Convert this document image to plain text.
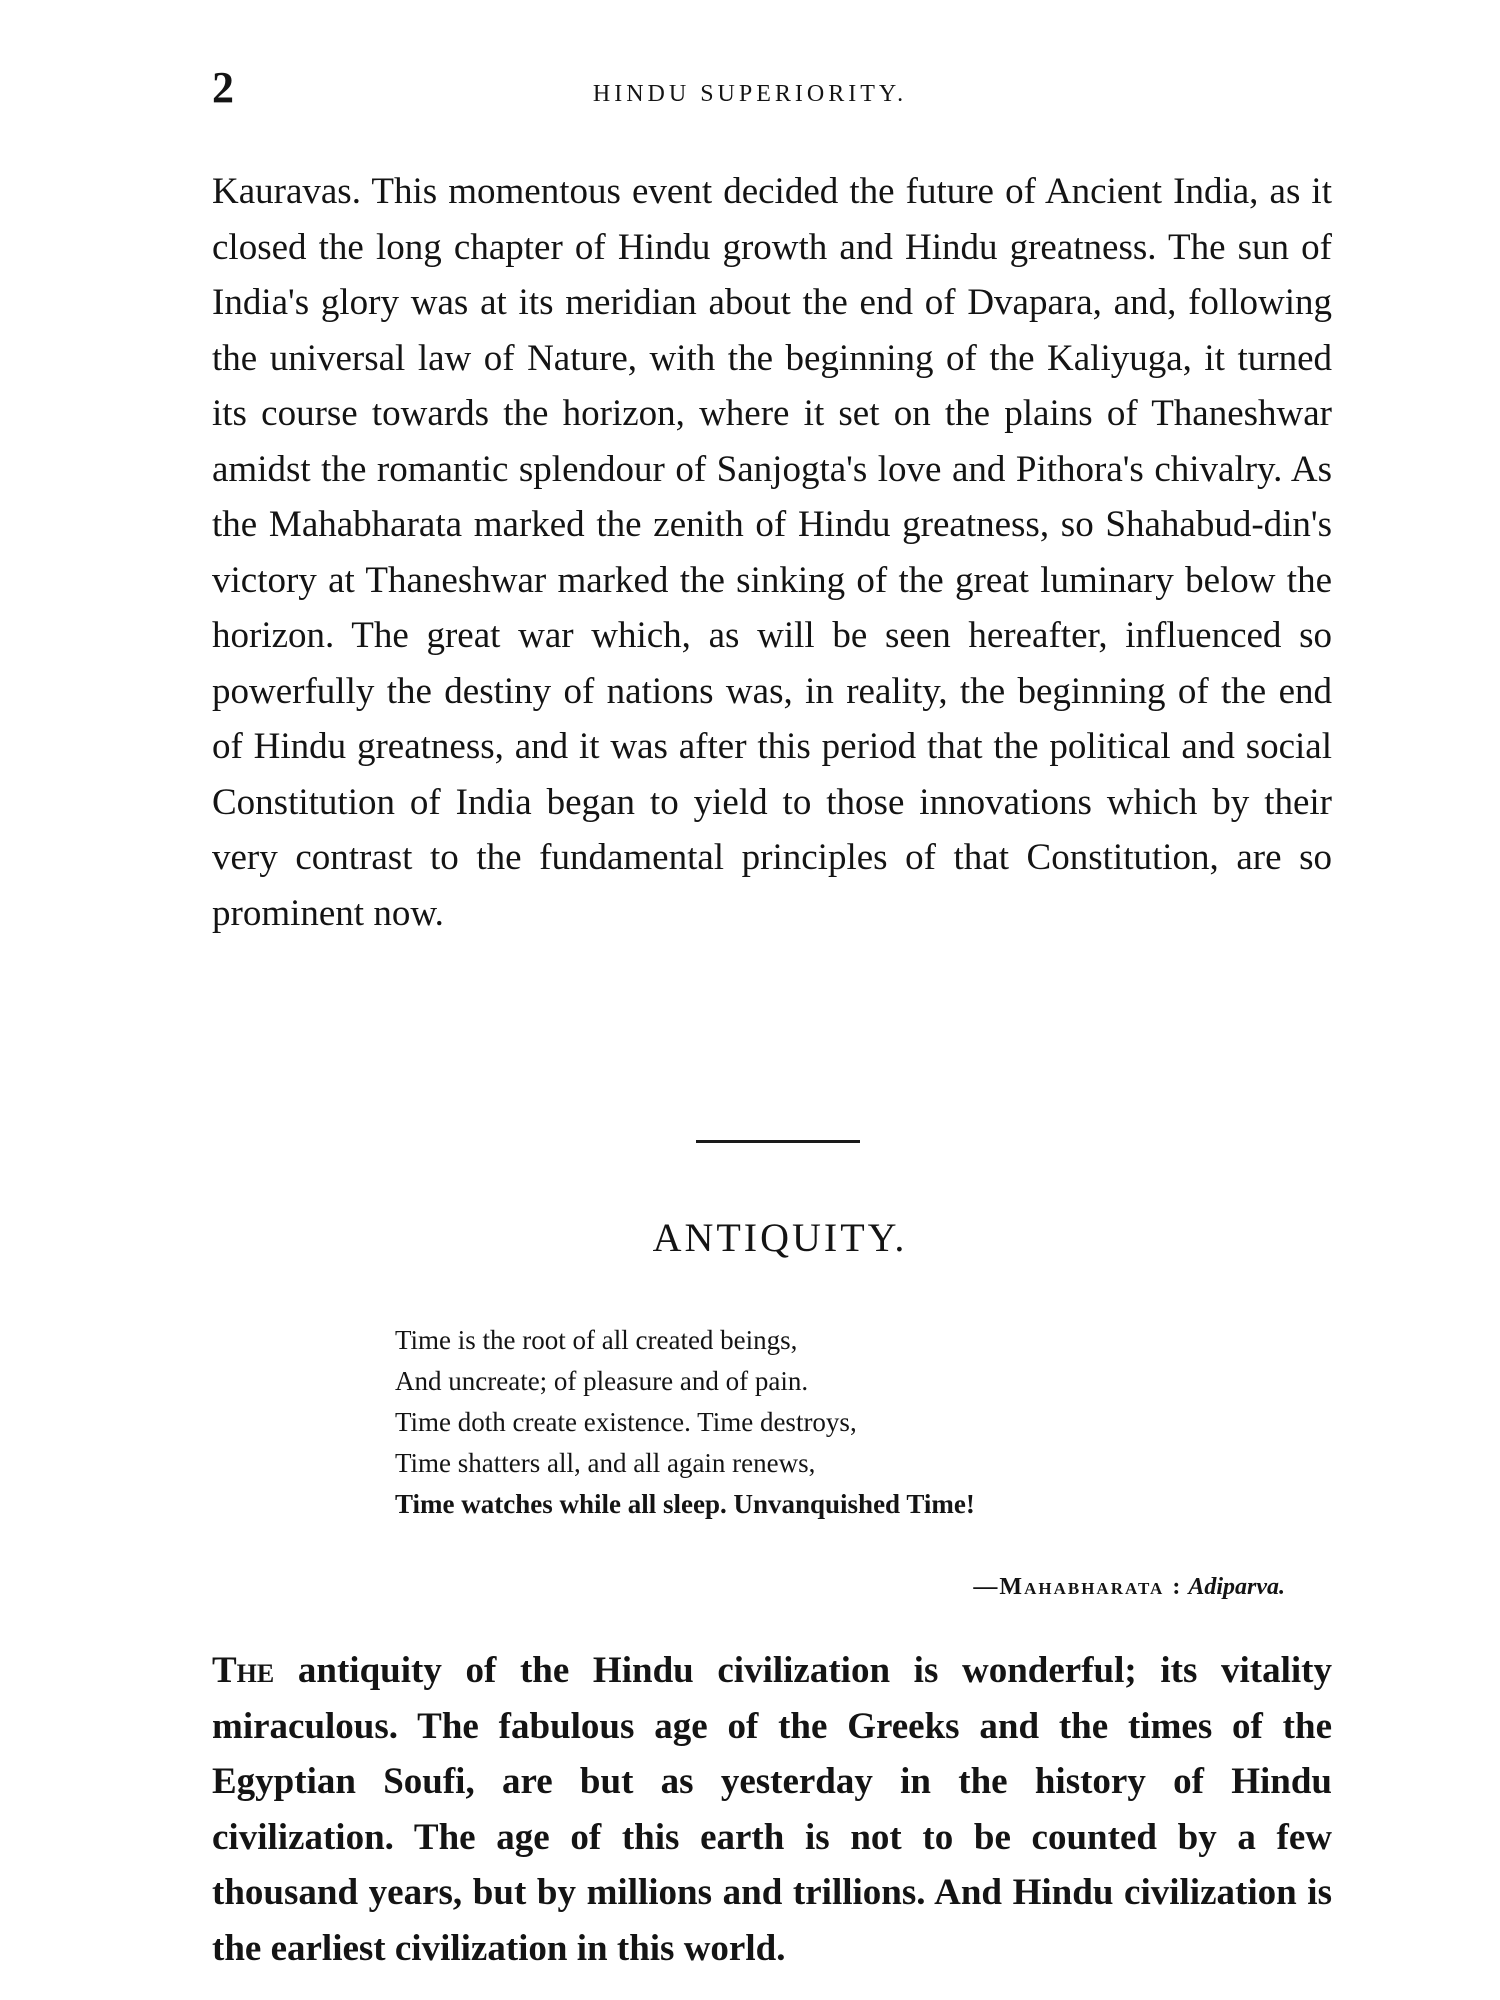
2	HINDU SUPERIORITY.

Kauravas. This momentous event decided the future of Ancient India, as it closed the long chapter of Hindu growth and Hindu greatness. The sun of India's glory was at its meridian about the end of Dvapara, and, following the universal law of Nature, with the beginning of the Kaliyuga, it turned its course towards the horizon, where it set on the plains of Thaneshwar amidst the romantic splendour of Sanjogta's love and Pithora's chivalry. As the Mahabharata marked the zenith of Hindu greatness, so Shahabud-din's victory at Thaneshwar marked the sinking of the great luminary below the horizon. The great war which, as will be seen hereafter, influenced so powerfully the destiny of nations was, in reality, the beginning of the end of Hindu greatness, and it was after this period that the political and social Constitution of India began to yield to those innovations which by their very contrast to the fundamental principles of that Constitution, are so prominent now.

ANTIQUITY.
Time is the root of all created beings,
And uncreate; of pleasure and of pain.
Time doth create existence. Time destroys,
Time shatters all, and all again renews,
Time watches while all sleep. Unvanquished Time!
—Mahabharata : Adiparva.

The antiquity of the Hindu civilization is wonderful; its vitality miraculous. The fabulous age of the Greeks and the times of the Egyptian Soufi, are but as yesterday in the history of Hindu civilization. The age of this earth is not to be counted by a few thousand years, but by millions and trillions. And Hindu civilization is the earliest civilization in this world.
